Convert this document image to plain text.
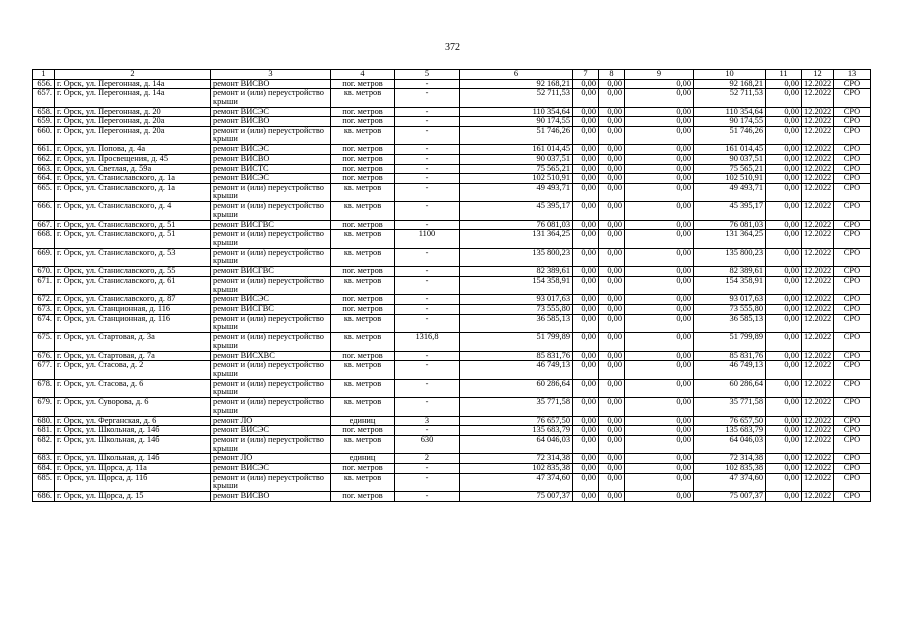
372
1	2	3	4	5	6	7	8	9	10	11	12	13
656.	г. Орск, ул. Перегонная, д. 14а	ремонт ВИСВО	пог. метров	-	92 168,21	0,00	0,00	0,00	92 168,21	0,00	12.2022	СРО
657.	г. Орск, ул. Перегонная, д. 14а	ремонт и (или) переустройство крыши	кв. метров	-	52 711,53	0,00	0,00	0,00	52 711,53	0,00	12.2022	СРО
658.	г. Орск, ул. Перегонная, д. 20	ремонт ВИСЭС	пог. метров	-	110 354,64	0,00	0,00	0,00	110 354,64	0,00	12.2022	СРО
659.	г. Орск, ул. Перегонная, д. 20а	ремонт ВИСВО	пог. метров	-	90 174,55	0,00	0,00	0,00	90 174,55	0,00	12.2022	СРО
660.	г. Орск, ул. Перегонная, д. 20а	ремонт и (или) переустройство крыши	кв. метров	-	51 746,26	0,00	0,00	0,00	51 746,26	0,00	12.2022	СРО
661.	г. Орск, ул. Попова, д. 4а	ремонт ВИСЭС	пог. метров	-	161 014,45	0,00	0,00	0,00	161 014,45	0,00	12.2022	СРО
662.	г. Орск, ул. Просвещения, д. 45	ремонт ВИСВО	пог. метров	-	90 037,51	0,00	0,00	0,00	90 037,51	0,00	12.2022	СРО
663.	г. Орск, ул. Светлая, д. 59а	ремонт ВИСТС	пог. метров	-	75 565,21	0,00	0,00	0,00	75 565,21	0,00	12.2022	СРО
664.	г. Орск, ул. Станиславского, д. 1а	ремонт ВИСЭС	пог. метров	-	102 510,91	0,00	0,00	0,00	102 510,91	0,00	12.2022	СРО
665.	г. Орск, ул. Станиславского, д. 1а	ремонт и (или) переустройство крыши	кв. метров	-	49 493,71	0,00	0,00	0,00	49 493,71	0,00	12.2022	СРО
666.	г. Орск, ул. Станиславского, д. 4	ремонт и (или) переустройство крыши	кв. метров	-	45 395,17	0,00	0,00	0,00	45 395,17	0,00	12.2022	СРО
667.	г. Орск, ул. Станиславского, д. 51	ремонт ВИСГВС	пог. метров	-	76 081,03	0,00	0,00	0,00	76 081,03	0,00	12.2022	СРО
668.	г. Орск, ул. Станиславского, д. 51	ремонт и (или) переустройство крыши	кв. метров	1100	131 364,25	0,00	0,00	0,00	131 364,25	0,00	12.2022	СРО
669.	г. Орск, ул. Станиславского, д. 53	ремонт и (или) переустройство крыши	кв. метров	-	135 800,23	0,00	0,00	0,00	135 800,23	0,00	12.2022	СРО
670.	г. Орск, ул. Станиславского, д. 55	ремонт ВИСГВС	пог. метров	-	82 389,61	0,00	0,00	0,00	82 389,61	0,00	12.2022	СРО
671.	г. Орск, ул. Станиславского, д. 61	ремонт и (или) переустройство крыши	кв. метров	-	154 358,91	0,00	0,00	0,00	154 358,91	0,00	12.2022	СРО
672.	г. Орск, ул. Станиславского, д. 87	ремонт ВИСЭС	пог. метров	-	93 017,63	0,00	0,00	0,00	93 017,63	0,00	12.2022	СРО
673.	г. Орск, ул. Станционная, д. 116	ремонт ВИСГВС	пог. метров	-	73 555,80	0,00	0,00	0,00	73 555,80	0,00	12.2022	СРО
674.	г. Орск, ул. Станционная, д. 116	ремонт и (или) переустройство крыши	кв. метров	-	36 585,13	0,00	0,00	0,00	36 585,13	0,00	12.2022	СРО
675.	г. Орск, ул. Стартовая, д. 3а	ремонт и (или) переустройство крыши	кв. метров	1316,8	51 799,89	0,00	0,00	0,00	51 799,89	0,00	12.2022	СРО
676.	г. Орск, ул. Стартовая, д. 7а	ремонт ВИСХВС	пог. метров	-	85 831,76	0,00	0,00	0,00	85 831,76	0,00	12.2022	СРО
677.	г. Орск, ул. Стасова, д. 2	ремонт и (или) переустройство крыши	кв. метров	-	46 749,13	0,00	0,00	0,00	46 749,13	0,00	12.2022	СРО
678.	г. Орск, ул. Стасова, д. 6	ремонт и (или) переустройство крыши	кв. метров	-	60 286,64	0,00	0,00	0,00	60 286,64	0,00	12.2022	СРО
679.	г. Орск, ул. Суворова, д. 6	ремонт и (или) переустройство крыши	кв. метров	-	35 771,58	0,00	0,00	0,00	35 771,58	0,00	12.2022	СРО
680.	г. Орск, ул. Ферганская, д. 6	ремонт ЛО	единиц	3	76 657,50	0,00	0,00	0,00	76 657,50	0,00	12.2022	СРО
681.	г. Орск, ул. Школьная, д. 14б	ремонт ВИСЭС	пог. метров	-	135 683,79	0,00	0,00	0,00	135 683,79	0,00	12.2022	СРО
682.	г. Орск, ул. Школьная, д. 14б	ремонт и (или) переустройство крыши	кв. метров	630	64 046,03	0,00	0,00	0,00	64 046,03	0,00	12.2022	СРО
683.	г. Орск, ул. Школьная, д. 14б	ремонт ЛО	единиц	2	72 314,38	0,00	0,00	0,00	72 314,38	0,00	12.2022	СРО
684.	г. Орск, ул. Щорса, д. 11а	ремонт ВИСЭС	пог. метров	-	102 835,38	0,00	0,00	0,00	102 835,38	0,00	12.2022	СРО
685.	г. Орск, ул. Щорса, д. 11б	ремонт и (или) переустройство крыши	кв. метров	-	47 374,60	0,00	0,00	0,00	47 374,60	0,00	12.2022	СРО
686.	г. Орск, ул. Щорса, д. 15	ремонт ВИСВО	пог. метров	-	75 007,37	0,00	0,00	0,00	75 007,37	0,00	12.2022	СРО
